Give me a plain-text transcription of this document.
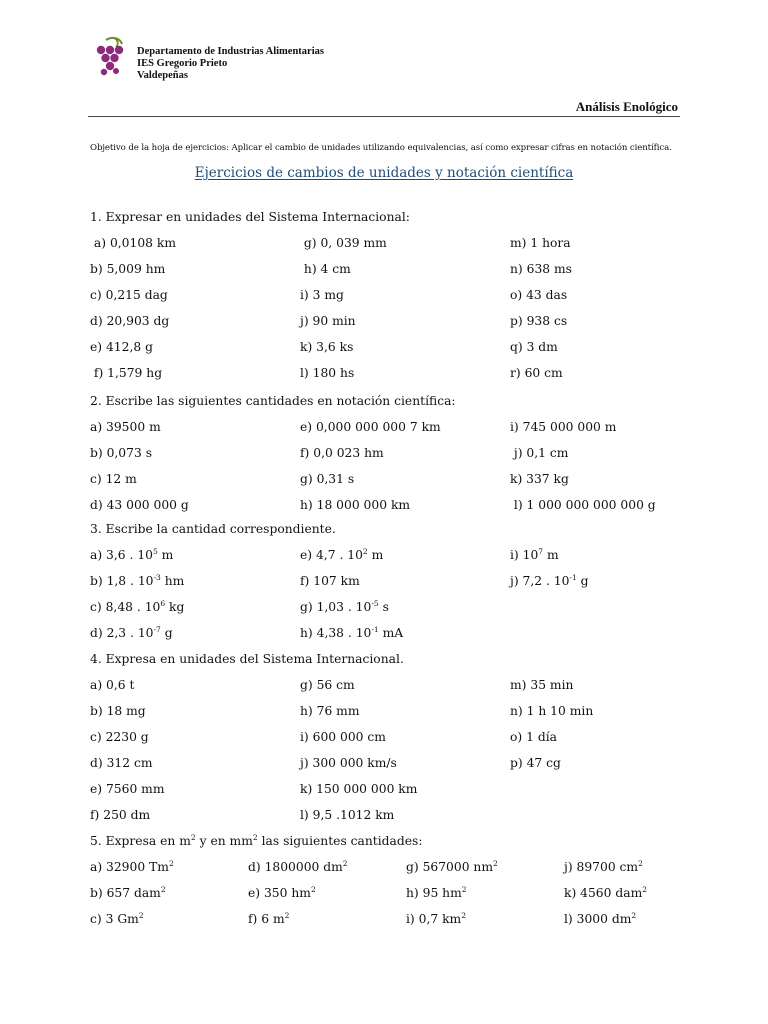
Departamento de Industrias Alimentarias
IES Gregorio Prieto
Valdepeñas
Análisis Enológico
Objetivo de la hoja de ejercicios: Aplicar el cambio de unidades utilizando equivalencias, así como expresar cifras en notación científica.
Ejercicios de cambios de unidades y notación científica
1. Expresar en unidades del Sistema Internacional:
a) 0,0108 km	g) 0, 039 mm	m) 1 hora
b) 5,009 hm	h) 4 cm	n) 638 ms
c) 0,215 dag	i) 3 mg	o) 43 das
d) 20,903 dg	j) 90 min	p) 938 cs
e) 412,8 g	k) 3,6 ks	q) 3 dm
f) 1,579 hg	l) 180 hs	r) 60 cm
2. Escribe las siguientes cantidades en notación científica:
a) 39500 m	e) 0,000 000 000 7 km	i) 745 000 000 m
b) 0,073 s	f) 0,0 023 hm	j) 0,1 cm
c) 12 m	g) 0,31 s	k) 337 kg
d) 43 000 000 g	h) 18 000 000 km	l) 1 000 000 000 000 g
3. Escribe la cantidad correspondiente.
a) 3,6 . $10^5$ m	e) 4,7 . $10^2$ m	i) $10^7$ m
b) 1,8 . $10^{-3}$ hm	f) 107 km	j) 7,2 . $10^{-1}$ g
c) 8,48 . $10^6$ kg	g) 1,03 . $10^{-5}$ s
d) 2,3 . $10^{-7}$ g	h) 4,38 . $10^{-1}$ mA
4. Expresa en unidades del Sistema Internacional.
a) 0,6 t	g) 56 cm	m) 35 min
b) 18 mg	h) 76 mm	n) 1 h 10 min
c) 2230 g	i) 600 000 cm	o) 1 día
d) 312 cm	j) 300 000 km/s	p) 47 cg
e) 7560 mm	k) 150 000 000 km
f) 250 dm	l) 9,5 .1012 km
5. Expresa en $m^2$ y en $mm^2$ las siguientes cantidades:
a) 32900 Tm$^2$	d) 1800000 $dm^2$	g) 567000 $nm^2$	j) 89700 $cm^2$
b) 657 dam$^2$	e) 350 $hm^2$	h) 95 $hm^2$	k) 4560 dam$^2$
c) 3 Gm$^2$	f) 6 $m^2$	i) 0,7 $km^2$	l) 3000 $dm^2$
